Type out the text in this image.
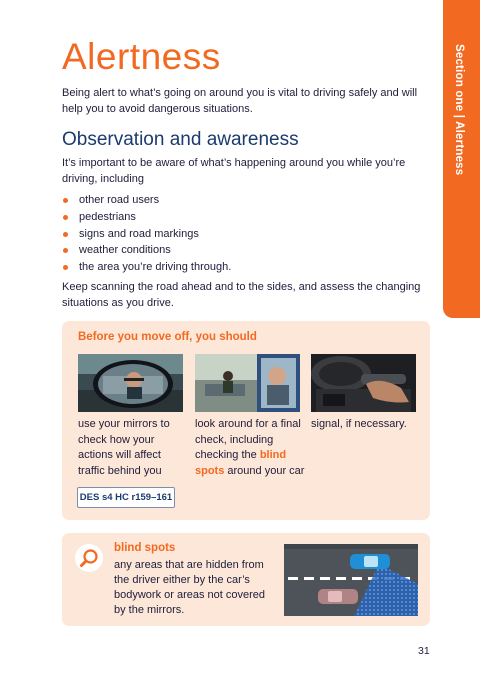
Section one | Alertness
Alertness
Being alert to what’s going on around you is vital to driving safely and will help you to avoid dangerous situations.
Observation and awareness
It’s important to be aware of what’s happening around you while you’re driving, including
other road users
pedestrians
signs and road markings
weather conditions
the area you’re driving through.
Keep scanning the road ahead and to the sides, and assess the changing situations as you drive.
Before you move off, you should
use your mirrors to check how your actions will affect traffic behind you
look around for a final check, including checking the blind spots around your car
signal, if necessary.
DES s4 HC r159–161
blind spots
any areas that are hidden from the driver either by the car’s bodywork or areas not covered by the mirrors.
31
